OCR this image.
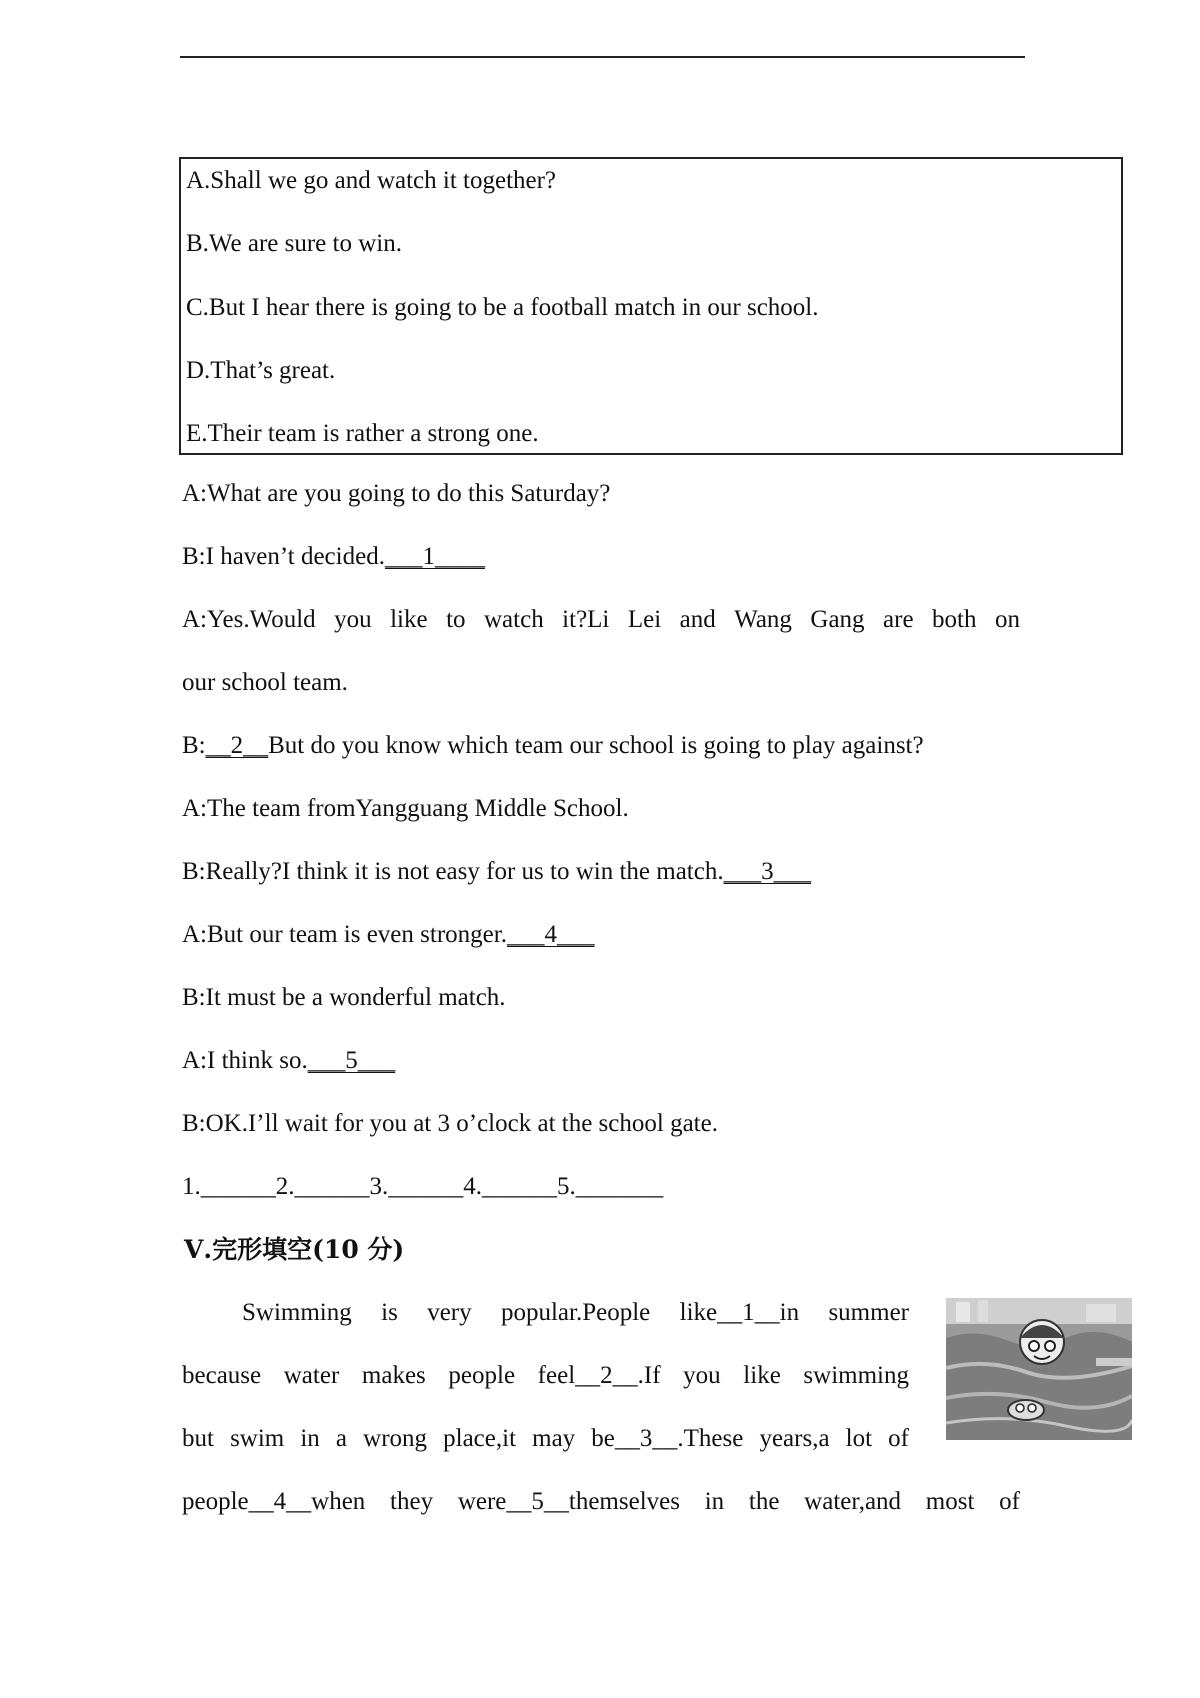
A.Shall we go and watch it together?
B.We are sure to win.
C.But I hear there is going to be a football match in our school.
D.That’s great.
E.Their team is rather a strong one.
A:What are you going to do this Saturday?
B:I haven’t decided.___1____
A:Yes.Would you like to watch it?Li Lei and Wang Gang are both on
our school team.
B:__2__But do you know which team our school is going to play against?
A:The team fromYangguang Middle School.
B:Really?I think it is not easy for us to win the match.___3___
A:But our team is even stronger.___4___
B:It must be a wonderful match.
A:I think so.___5___
B:OK.I’ll wait for you at 3 o’clock at the school gate.
1.______2.______3.______4.______5._______
Ⅴ.完形填空(10 分)
Swimming is very popular.People like__1__in summer
because water makes people feel__2__.If you like swimming
but swim in a wrong place,it may be__3__.These years,a lot of
people__4__when they were__5__themselves in the water,and most of
